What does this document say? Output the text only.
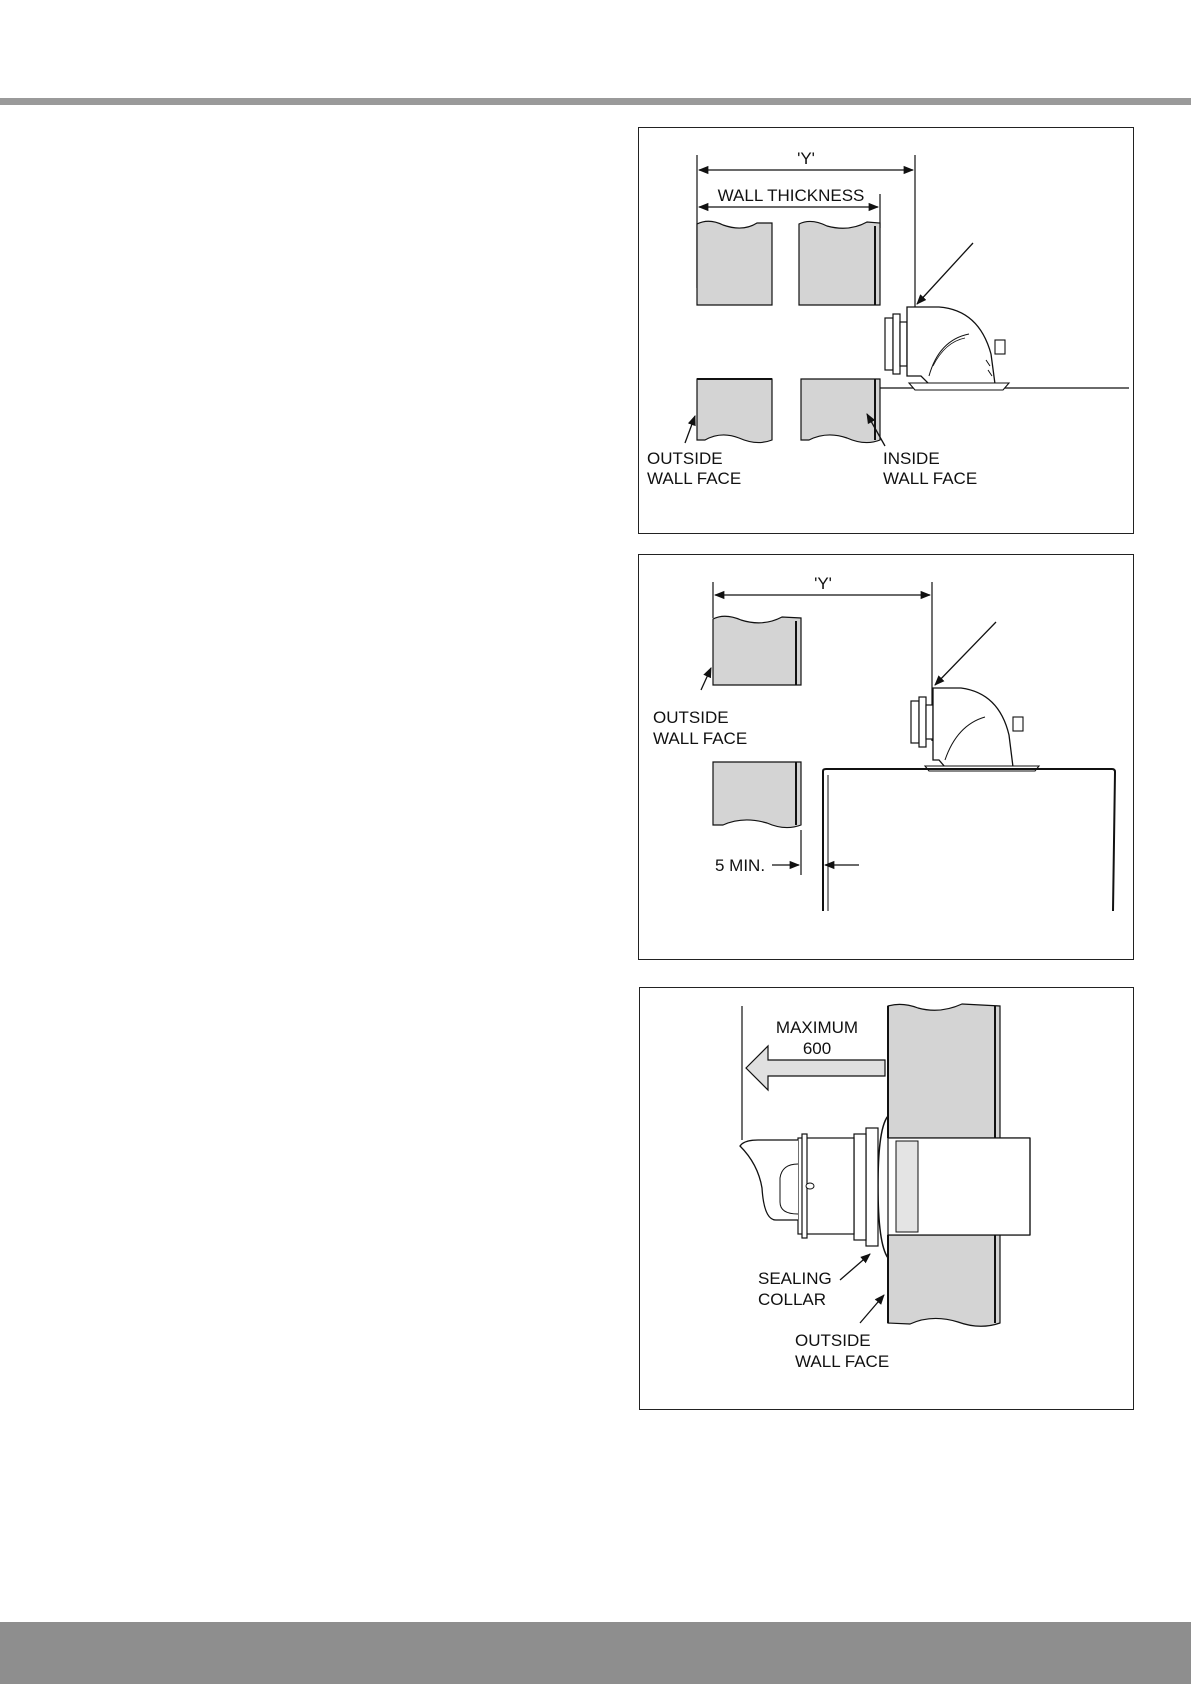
'Y'
WALL THICKNESS
OUTSIDE
WALL FACE
INSIDE
WALL FACE
'Y'
OUTSIDE
WALL FACE
5 MIN.
MAXIMUM
600
SEALING
COLLAR
OUTSIDE
WALL FACE
